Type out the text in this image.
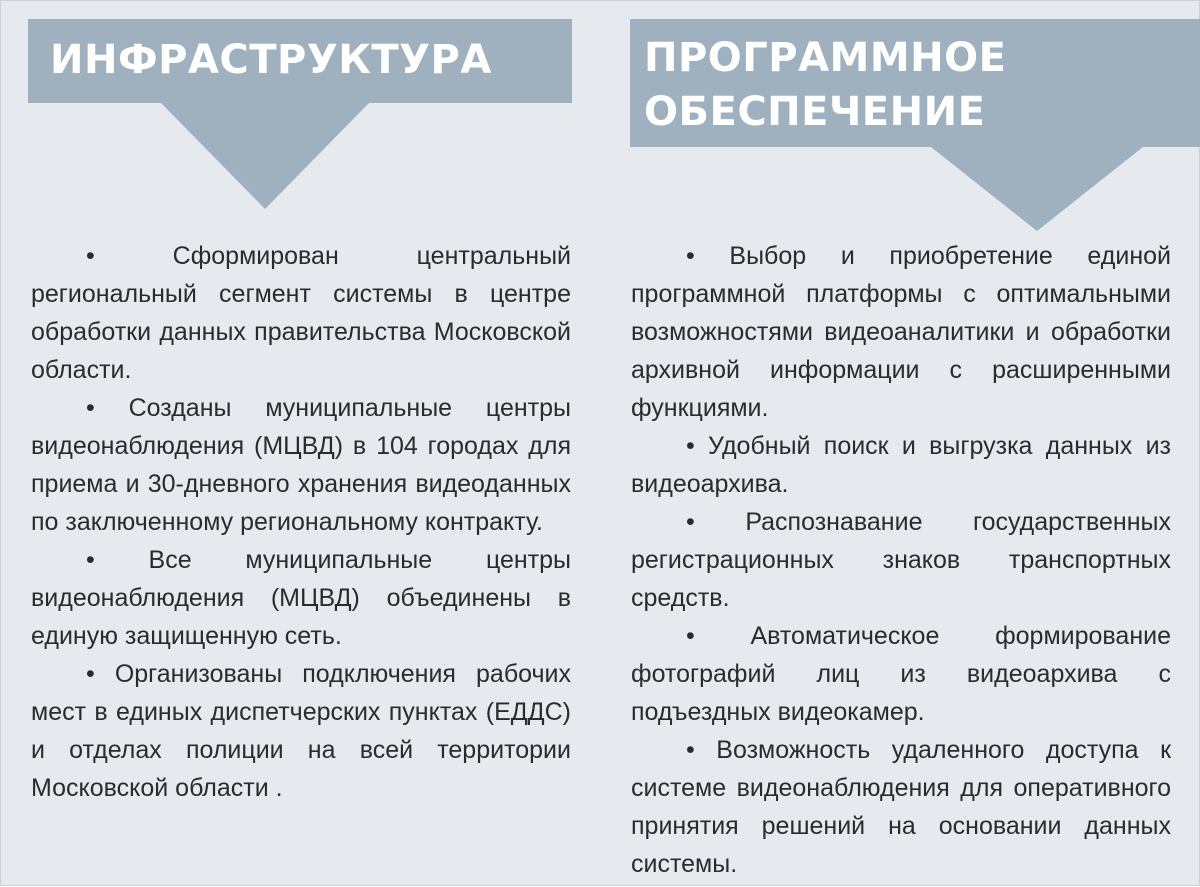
ИНФРАСТРУКТУРА
• Сформирован центральный региональный сегмент системы в центре обработки данных правительства Московской области.
• Созданы муниципальные центры видеонаблюдения (МЦВД) в 104 городах для приема и 30-дневного хранения видеоданных по заключенному региональному контракту.
• Все муниципальные центры видеонаблюдения (МЦВД) объединены в единую защищенную сеть.
• Организованы подключения рабочих мест в единых диспетчерских пунктах (ЕДДС) и отделах полиции на всей территории Московской области .
ПРОГРАММНОЕ
ОБЕСПЕЧЕНИЕ
• Выбор и приобретение единой программной платформы с оптимальными возможностями видеоаналитики и обработки архивной информации с расширенными функциями.
• Удобный поиск и выгрузка данных из видеоархива.
• Распознавание государственных регистрационных знаков транспортных средств.
• Автоматическое формирование фотографий лиц из видеоархива с подъездных видеокамер.
• Возможность удаленного доступа к системе видеонаблюдения для оперативного принятия решений на основании данных системы.
